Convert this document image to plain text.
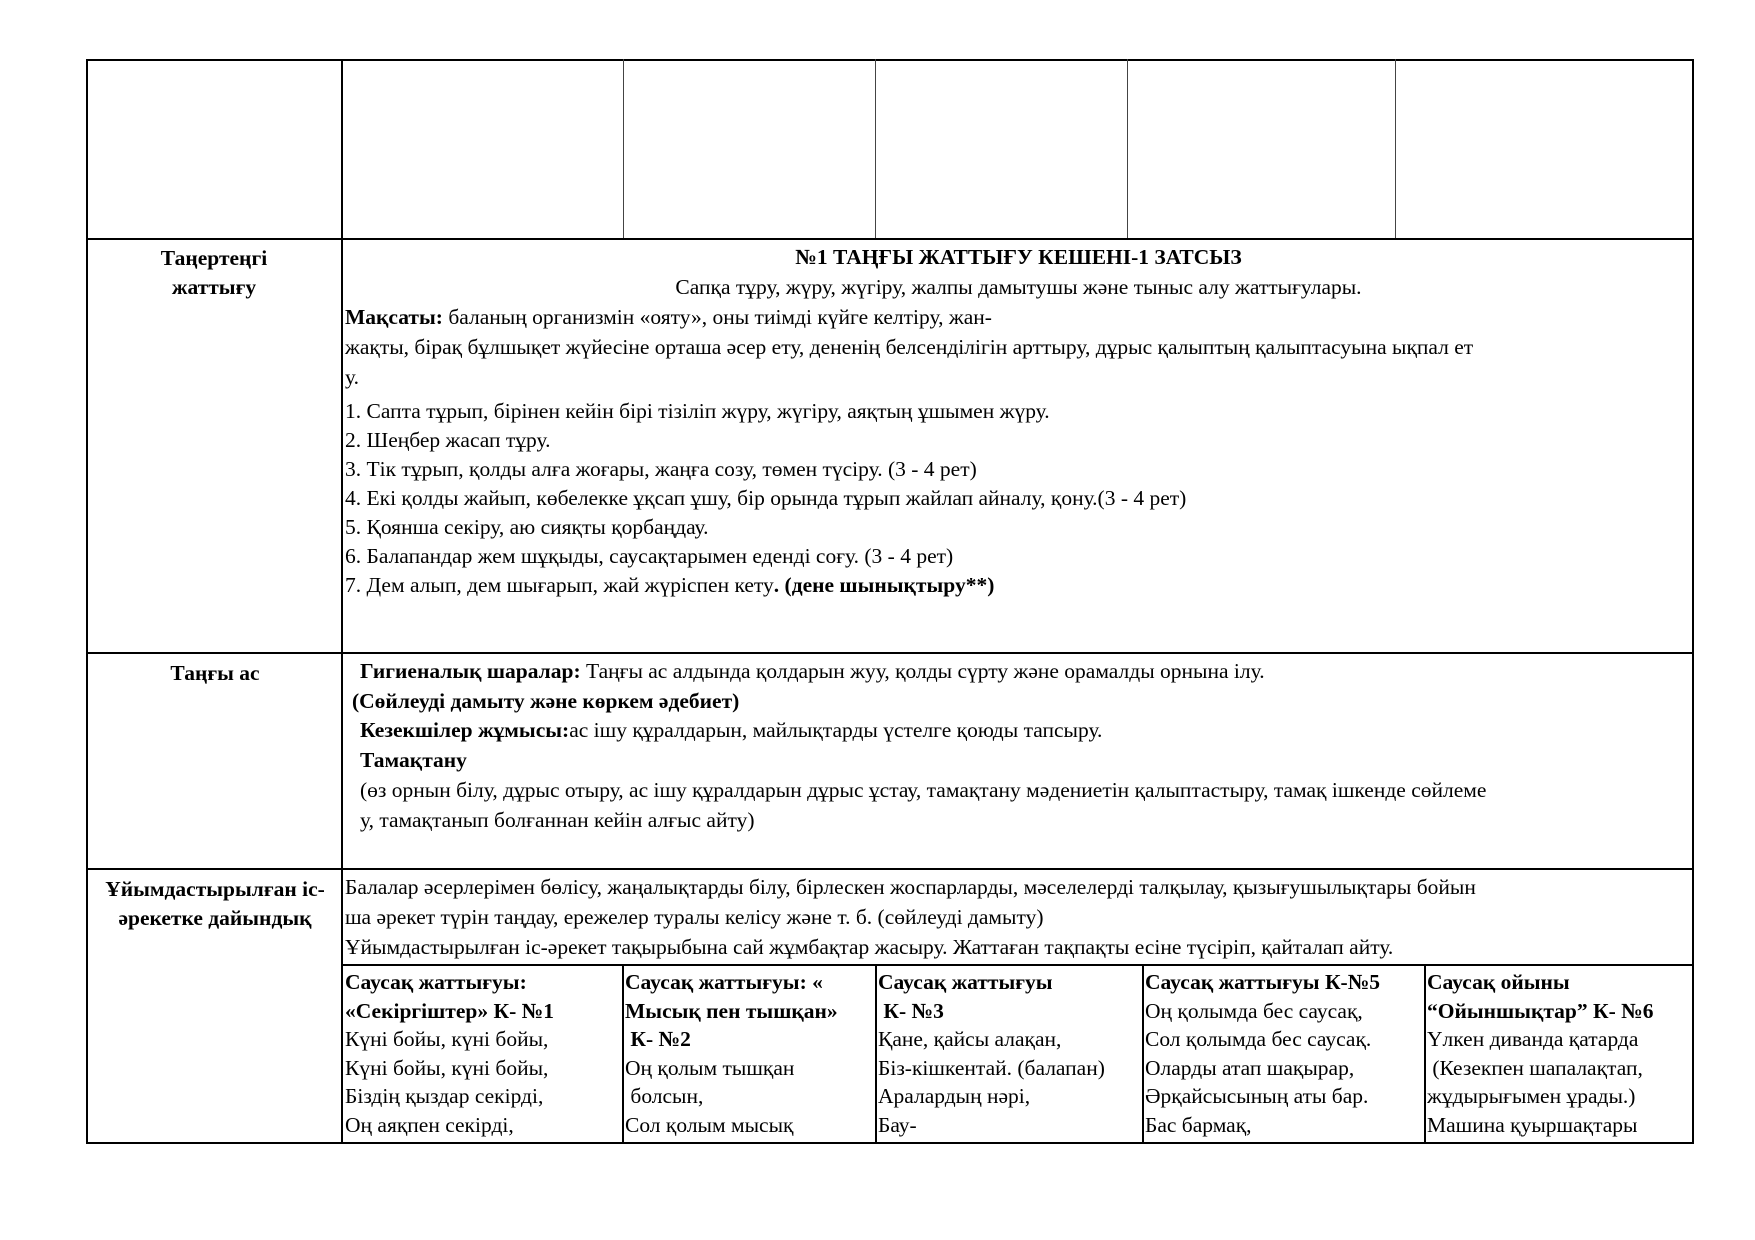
Таңертеңгі жаттығу
Таңғы ас
Ұйымдастырылған іс-әрекетке дайындық
№1 ТАҢҒЫ ЖАТТЫҒУ КЕШЕНІ-1 ЗАТСЫЗ
Сапқа тұру, жүру, жүгіру, жалпы дамытушы және тыныс алу жаттығулары.
Мақсаты: баланың организмін «ояту», оны тиімді күйге келтіру, жан-
жақты, бірақ бұлшықет жүйесіне орташа әсер ету, дененің белсенділігін арттыру, дұрыс қалыптың қалыптасуына ықпал ет
у.
1. Сапта тұрып, бірінен кейін бірі тізіліп жүру, жүгіру, аяқтың ұшымен жүру.
2. Шеңбер жасап тұру.
3. Тік тұрып, қолды алға жоғары, жаңға созу, төмен түсіру. (3 - 4 рет)
4. Екі қолды жайып, көбелекке ұқсап ұшу, бір орында тұрып жайлап айналу, қону.(3 - 4 рет)
5. Қоянша секіру, аю сияқты қорбаңдау.
6. Балапандар жем шұқыды, саусақтарымен еденді соғу. (3 - 4 рет)
7. Дем алып, дем шығарып, жай жүріспен кету. (дене шынықтыру**)
Гигиеналық шаралар: Таңғы ас алдында қолдарын жуу, қолды сүрту және орамалды орнына ілу.
(Сөйлеуді дамыту және көркем әдебиет)
Кезекшілер жұмысы:ас ішу құралдарын, майлықтарды үстелге қоюды тапсыру.
Тамақтану
(өз орнын білу, дұрыс отыру, ас ішу құралдарын дұрыс ұстау, тамақтану мәдениетін қалыптастыру, тамақ ішкенде сөйлеме
у, тамақтанып болғаннан кейін алғыс айту)
Балалар әсерлерімен бөлісу, жаңалықтарды білу, бірлескен жоспарларды, мәселелерді талқылау, қызығушылықтары бойын
ша әрекет түрін таңдау, ережелер туралы келісу және т. б. (сөйлеуді дамыту)
Ұйымдастырылған іс-әрекет тақырыбына сай жұмбақтар жасыру. Жаттаған тақпақты есіне түсіріп, қайталап айту.
Саусақ жаттығуы:
«Секіргіштер» К- №1
Күні бойы, күні бойы,
Күні бойы, күні бойы,
Біздің қыздар секірді,
Оң аяқпен секірді,
Саусақ жаттығуы: «
Мысық пен тышқан»
К- №2
Оң қолым тышқан
болсын,
Сол қолым мысық
Саусақ жаттығуы
К- №3
Қане, қайсы алақан,
Біз-кішкентай. (балапан)
Аралардың нәрі,
Бау-
Саусақ жаттығуы К-№5
Оң қолымда бес саусақ,
Сол қолымда бес саусақ.
Оларды атап шақырар,
Әрқайсысының аты бар.
Бас бармақ,
Саусақ ойыны
“Ойыншықтар” К- №6
Үлкен диванда қатарда
(Кезекпен шапалақтап,
жұдырығымен ұрады.)
Машина қуыршақтары
